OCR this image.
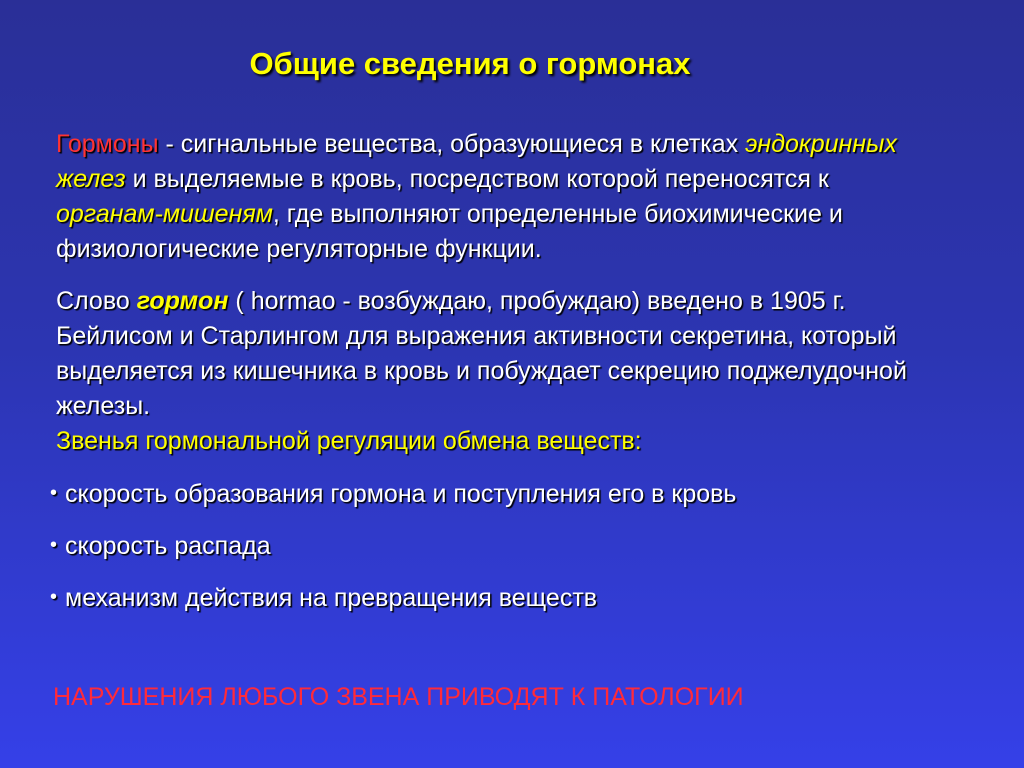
Общие сведения о гормонах
Гормоны - сигнальные вещества, образующиеся в клетках эндокринных желез и выделяемые в кровь, посредством которой переносятся к органам-мишеням, где выполняют определенные биохимические и физиологические регуляторные функции.
Слово гормон ( hormao - возбуждаю, пробуждаю) введено в 1905 г. Бейлисом и Старлингом для выражения активности секретина, который выделяется из кишечника в кровь и побуждает секрецию поджелудочной железы.
Звенья гормональной регуляции обмена веществ:
• скорость образования гормона и поступления его в кровь
• скорость распада
• механизм действия на превращения веществ
НАРУШЕНИЯ ЛЮБОГО ЗВЕНА ПРИВОДЯТ К ПАТОЛОГИИ
